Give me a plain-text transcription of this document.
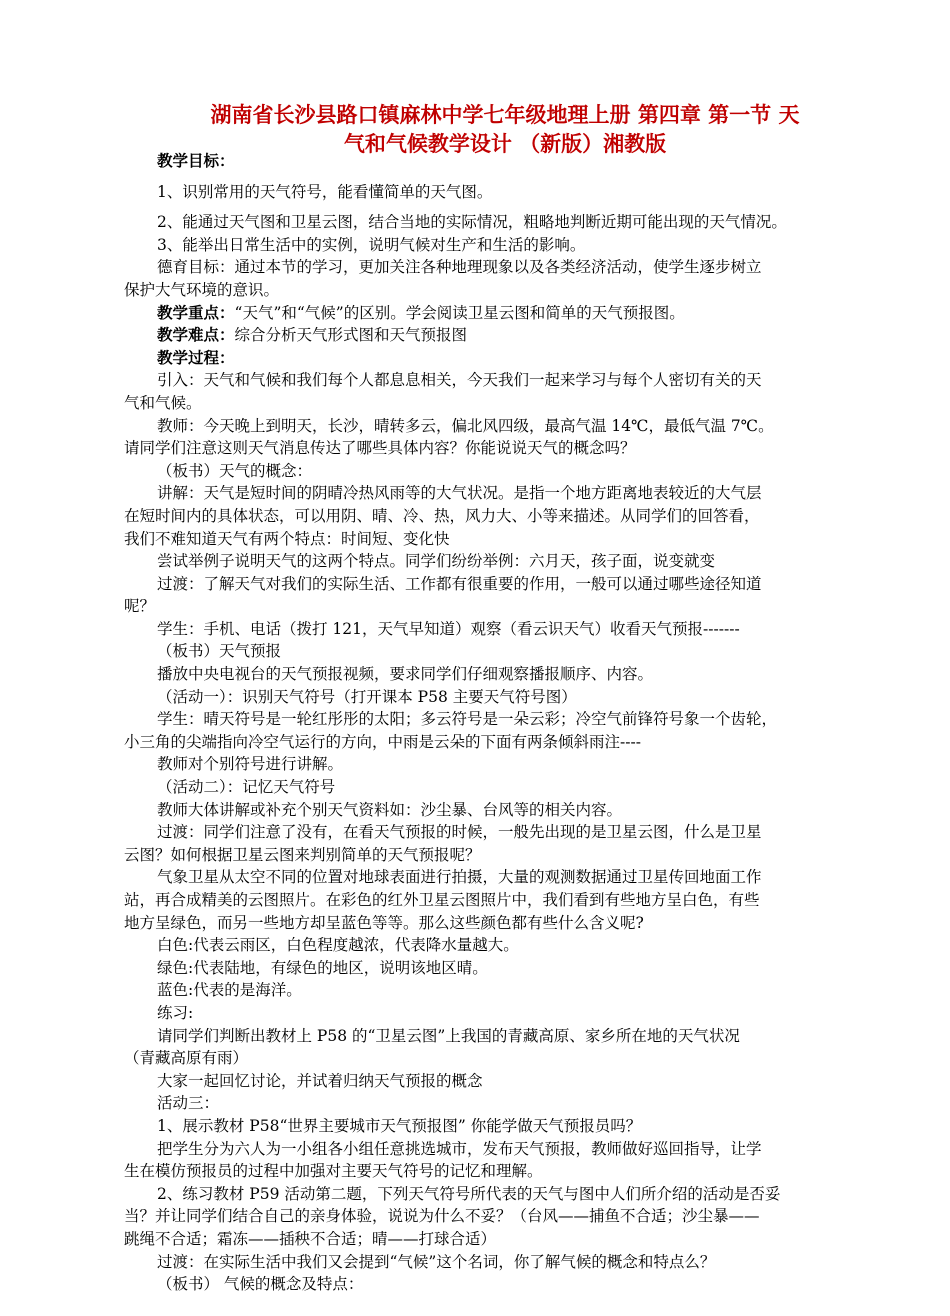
湖南省长沙县路口镇麻林中学七年级地理上册 第四章 第一节 天
气和气候教学设计 （新版）湘教版
教学目标：
1、识别常用的天气符号，能看懂简单的天气图。
2、能通过天气图和卫星云图，结合当地的实际情况，粗略地判断近期可能出现的天气情况。
3、能举出日常生活中的实例，说明气候对生产和生活的影响。
德育目标：通过本节的学习，更加关注各种地理现象以及各类经济活动，使学生逐步树立
保护大气环境的意识。
教学重点：“天气”和“气候”的区别。学会阅读卫星云图和简单的天气预报图。
教学难点：综合分析天气形式图和天气预报图
教学过程：
引入：天气和气候和我们每个人都息息相关，今天我们一起来学习与每个人密切有关的天
气和气候。
教师：今天晚上到明天，长沙，晴转多云，偏北风四级，最高气温 14℃，最低气温 7℃。
请同学们注意这则天气消息传达了哪些具体内容？你能说说天气的概念吗？
（板书）天气的概念：
讲解：天气是短时间的阴晴冷热风雨等的大气状况。是指一个地方距离地表较近的大气层
在短时间内的具体状态，可以用阴、晴、冷、热，风力大、小等来描述。从同学们的回答看，
我们不难知道天气有两个特点：时间短、变化快
尝试举例子说明天气的这两个特点。同学们纷纷举例：六月天，孩子面，说变就变
过渡：了解天气对我们的实际生活、工作都有很重要的作用，一般可以通过哪些途径知道
呢？
学生：手机、电话（拨打 121，天气早知道）观察（看云识天气）收看天气预报-------
（板书）天气预报
播放中央电视台的天气预报视频，要求同学们仔细观察播报顺序、内容。
（活动一）：识别天气符号（打开课本 P58 主要天气符号图）
学生：晴天符号是一轮红彤彤的太阳；多云符号是一朵云彩；冷空气前锋符号象一个齿轮，
小三角的尖端指向冷空气运行的方向，中雨是云朵的下面有两条倾斜雨注----
教师对个别符号进行讲解。
（活动二）：记忆天气符号
教师大体讲解或补充个别天气资料如：沙尘暴、台风等的相关内容。
过渡：同学们注意了没有，在看天气预报的时候，一般先出现的是卫星云图，什么是卫星
云图？如何根据卫星云图来判别简单的天气预报呢？
气象卫星从太空不同的位置对地球表面进行拍摄，大量的观测数据通过卫星传回地面工作
站，再合成精美的云图照片。在彩色的红外卫星云图照片中，我们看到有些地方呈白色，有些
地方呈绿色，而另一些地方却呈蓝色等等。那么这些颜色都有些什么含义呢?
白色:代表云雨区，白色程度越浓，代表降水量越大。
绿色:代表陆地，有绿色的地区，说明该地区晴。
蓝色:代表的是海洋。
练习:
请同学们判断出教材上 P58 的“卫星云图”上我国的青藏高原、家乡所在地的天气状况
（青藏高原有雨）
大家一起回忆讨论，并试着归纳天气预报的概念
活动三：
1、展示教材 P58“世界主要城市天气预报图” 你能学做天气预报员吗？
把学生分为六人为一小组各小组任意挑选城市，发布天气预报，教师做好巡回指导，让学
生在模仿预报员的过程中加强对主要天气符号的记忆和理解。
2、练习教材 P59 活动第二题，下列天气符号所代表的天气与图中人们所介绍的活动是否妥
当？并让同学们结合自己的亲身体验，说说为什么不妥？（台风——捕鱼不合适；沙尘暴——
跳绳不合适；霜冻——插秧不合适；晴——打球合适）
过渡：在实际生活中我们又会提到“气候”这个名词，你了解气候的概念和特点么？
（板书） 气候的概念及特点：
